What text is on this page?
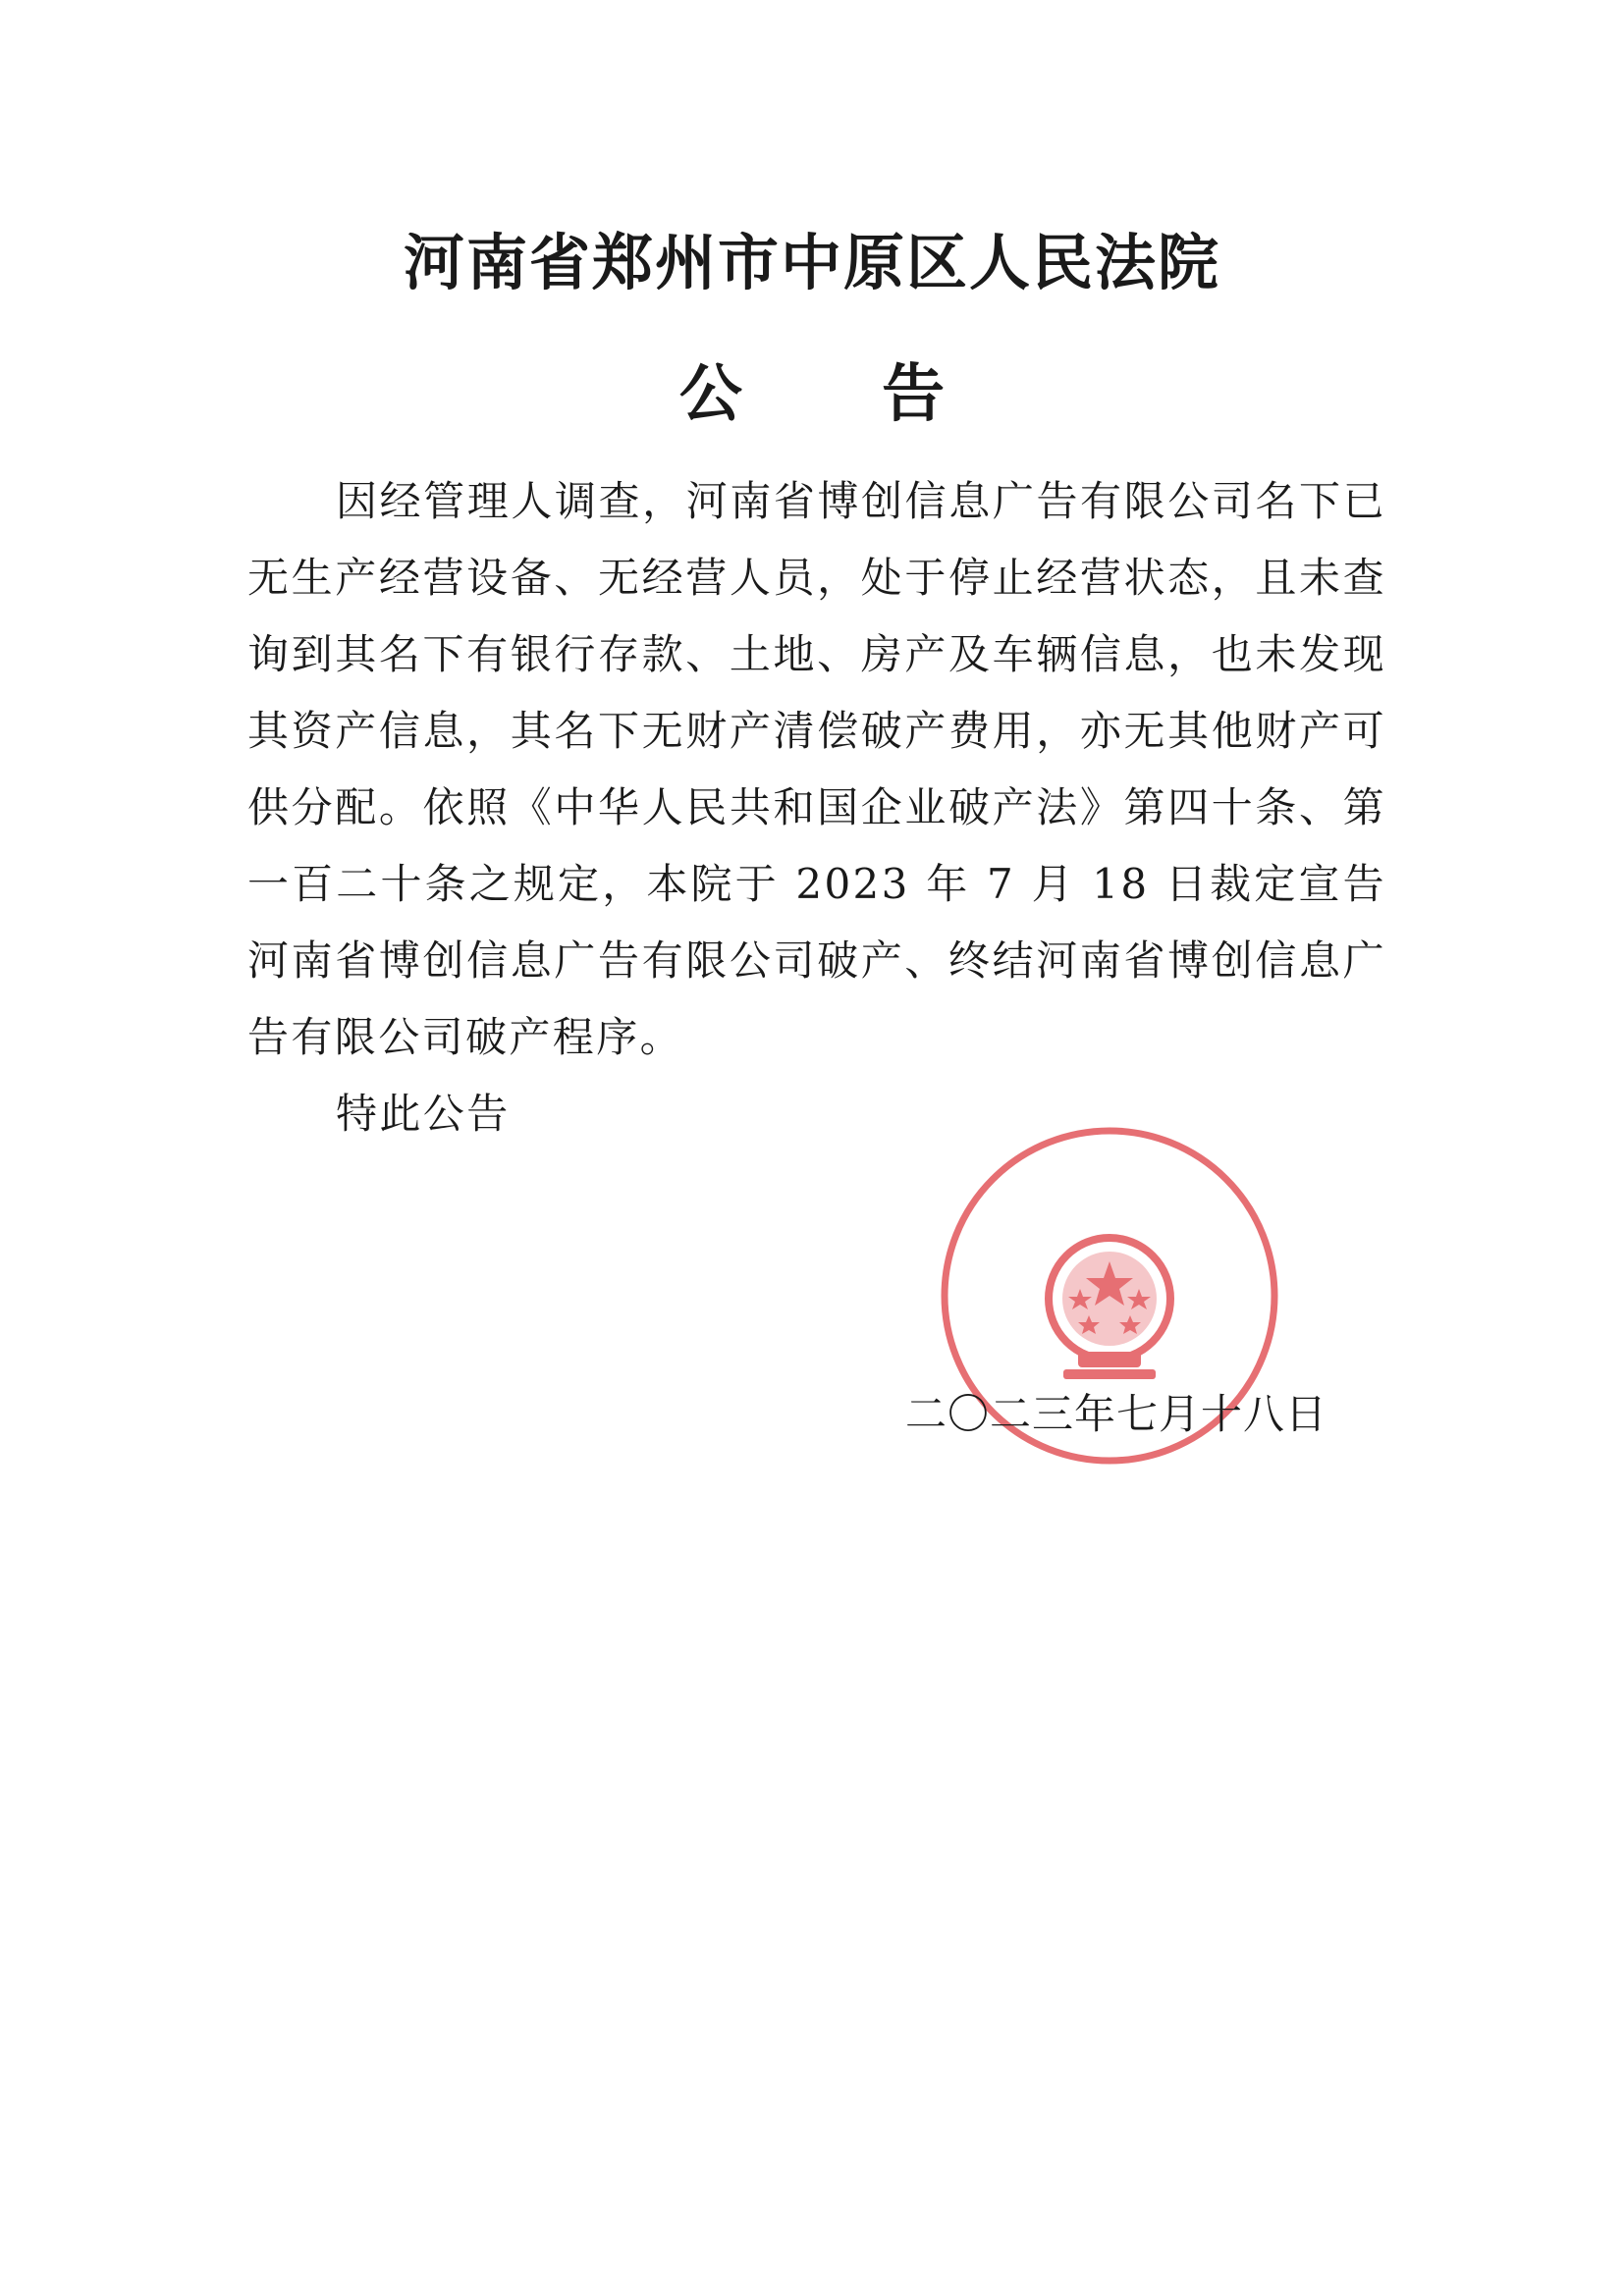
河南省郑州市中原区人民法院
公 告

因经管理人调查，河南省博创信息广告有限公司名下已无生产经营设备、无经营人员，处于停止经营状态，且未查询到其名下有银行存款、土地、房产及车辆信息，也未发现其资产信息，其名下无财产清偿破产费用，亦无其他财产可供分配。依照《中华人民共和国企业破产法》第四十条、第一百二十条之规定，本院于 2023 年 7 月 18 日裁定宣告河南省博创信息广告有限公司破产、终结河南省博创信息广告有限公司破产程序。

特此公告

二〇二三年七月十八日
